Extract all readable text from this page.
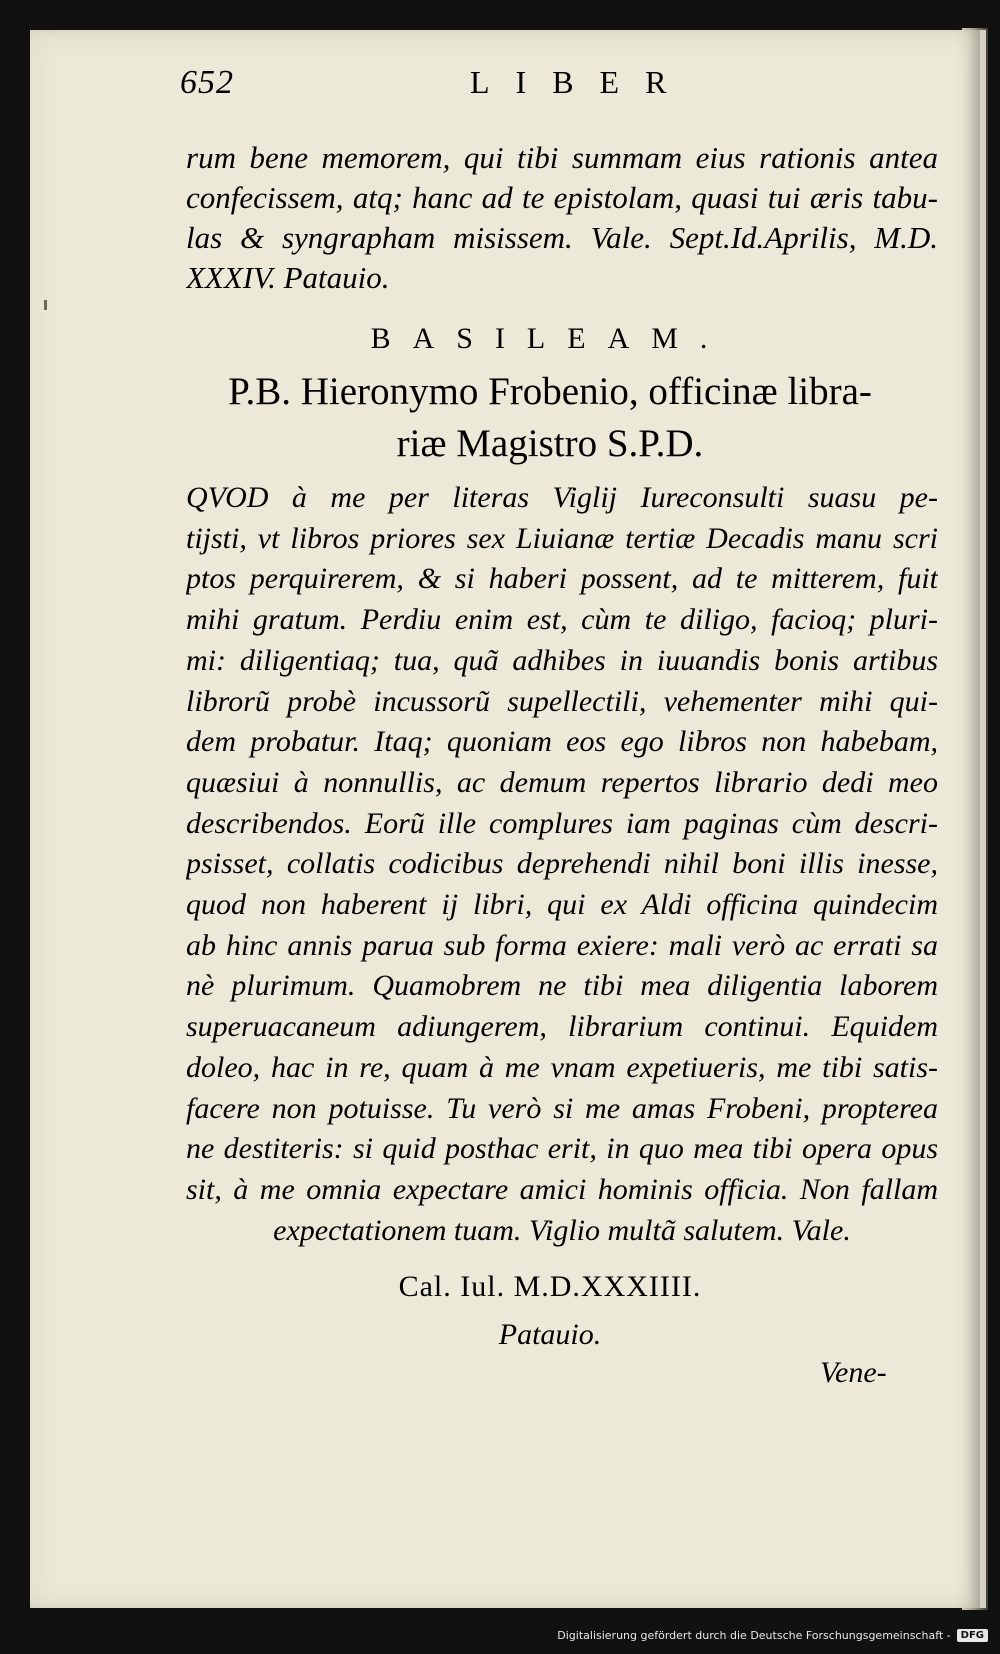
652	LIBER
rum bene memorem, qui tibi summam eius rationis antea
confecissem, atq; hanc ad te epistolam, quasi tui æris tabu-
las & syngrapham misissem. Vale. Sept.Id.Aprilis, M.D.
XXXIV. Patauio.
BASILEAM.
P.B. Hieronymo Frobenio, officinæ libra-
riæ Magistro S.P.D.
QVOD à me per literas Viglij Iureconsulti suasu pe-
tijsti, vt libros priores sex Liuianæ tertiæ Decadis manu scri
ptos perquirerem, & si haberi possent, ad te mitterem, fuit
mihi gratum. Perdiu enim est, cùm te diligo, facioq; pluri-
mi: diligentiaq; tua, quã adhibes in iuuandis bonis artibus
librorũ probè incussorũ supellectili, vehementer mihi qui-
dem probatur. Itaq; quoniam eos ego libros non habebam,
quæsiui à nonnullis, ac demum repertos librario dedi meo
describendos. Eorũ ille complures iam paginas cùm descri-
psisset, collatis codicibus deprehendi nihil boni illis inesse,
quod non haberent ij libri, qui ex Aldi officina quindecim
ab hinc annis parua sub forma exiere: mali verò ac errati sa
nè plurimum. Quamobrem ne tibi mea diligentia laborem
superuacaneum adiungerem, librarium continui. Equidem
doleo, hac in re, quam à me vnam expetiueris, me tibi satis-
facere non potuisse. Tu verò si me amas Frobeni, propterea
ne destiteris: si quid posthac erit, in quo mea tibi opera opus
sit, à me omnia expectare amici hominis officia. Non fallam
expectationem tuam. Viglio multã salutem. Vale.
Cal. Iul. M.D.XXXIIII.
Patauio.
Vene-
Digitalisierung gefördert durch die Deutsche Forschungsgemeinschaft -	DFG
